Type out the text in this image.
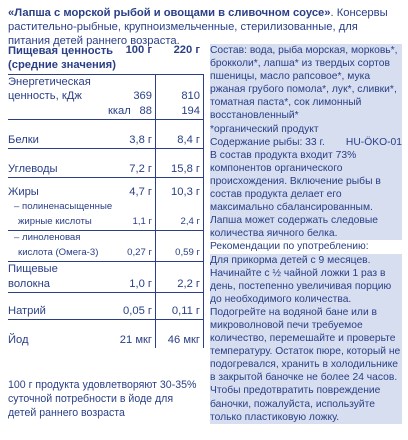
«Лапша с морской рыбой и овощами в сливочном соусе». Консервы растительно-рыбные, крупноизмельченные, стерилизованные, для питания детей раннего возраста.
Пищевая ценность
(средние значения)
100 г	220 г
Энергетическая
ценность, кДж	369	810
ккал 88	194
Белки	3,8 г	8,4 г
Углеводы	7,2 г	15,8 г
Жиры	4,7 г	10,3 г
– полиненасыщенные
жирные кислоты	1,1 г	2,4 г
– линоленовая
кислота (Омега-3)	0,27 г	0,59 г
Пищевые
волокна	1,0 г	2,2 г
Натрий	0,05 г	0,11 г
Йод	21 мкг	46 мкг
100 г продукта удовлетворяют 30-35% суточной потребности в йоде для детей раннего возраста

Состав: вода, рыба морская, морковь*, брокколи*, лапша* из твердых сортов пшеницы, масло рапсовое*, мука ржаная грубого помола*, лук*, сливки*, томатная паста*, сок лимонный восстановленный*

*органический продукт

Содержание рыбы: 33 г. HU-ÖKO-01

В состав продукта входит 73% компонентов органического происхождения. Включение рыбы в состав продукта делает его максимально сбалансированным.

Лапша может содержать следовые количества яичного белка.

Рекомендации по употреблению:

Для прикорма детей с 9 месяцев. Начинайте с ½ чайной ложки 1 раз в день, постепенно увеличивая порцию до необходимого количества. Подогрейте на водяной бане или в микроволновой печи требуемое количество, перемешайте и проверьте температуру. Остаток пюре, который не подогревался, хранить в холодильнике в закрытой баночке не более 24 часов. Чтобы предотвратить повреждение баночки, пожалуйста, используйте только пластиковую ложку.
